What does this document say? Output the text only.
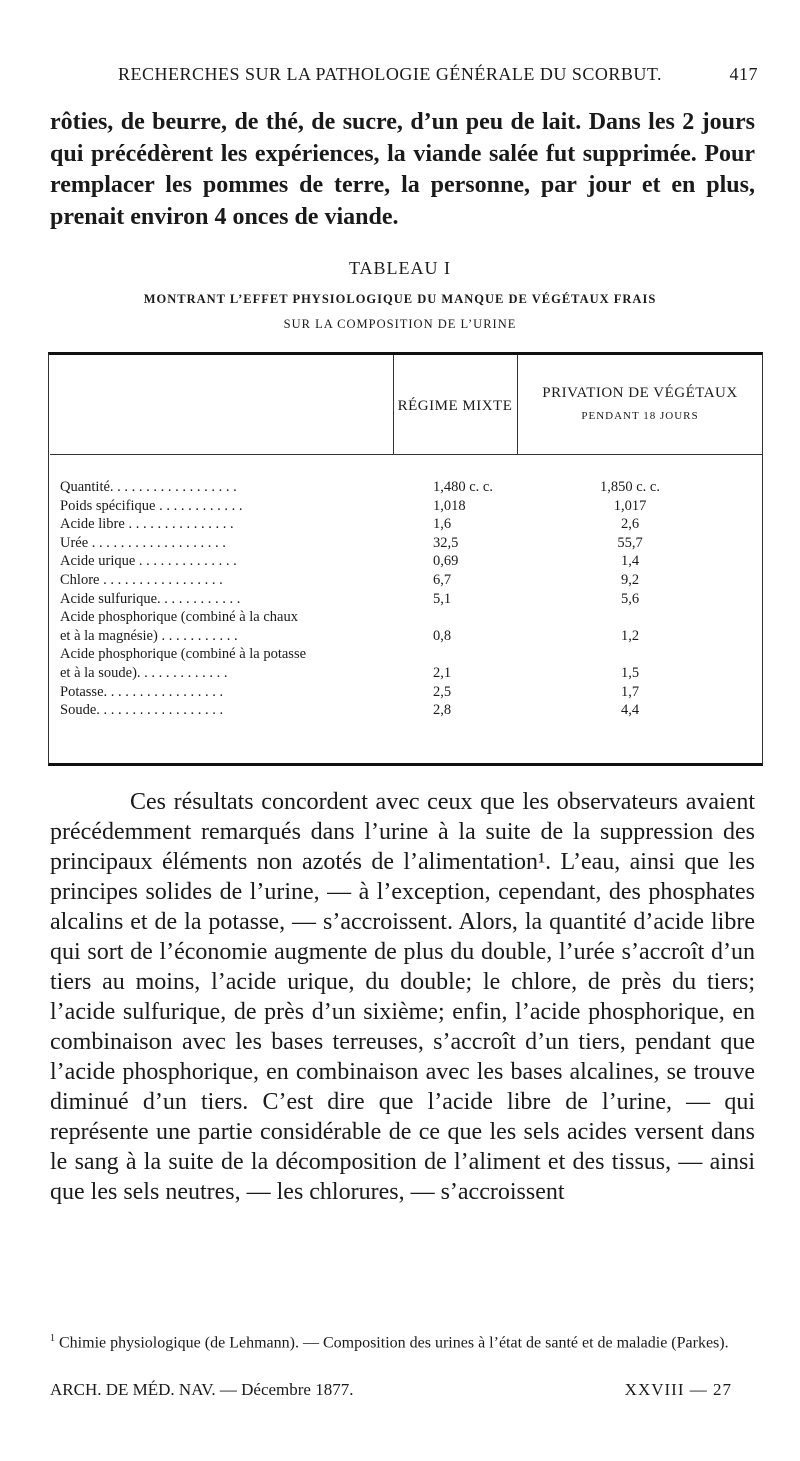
RECHERCHES SUR LA PATHOLOGIE GÉNÉRALE DU SCORBUT.	417
rôties, de beurre, de thé, de sucre, d’un peu de lait. Dans les 2 jours qui précédèrent les expériences, la viande salée fut supprimée. Pour remplacer les pommes de terre, la personne, par jour et en plus, prenait environ 4 onces de viande.
TABLEAU I
MONTRANT L’EFFET PHYSIOLOGIQUE DU MANQUE DE VÉGÉTAUX FRAIS
SUR LA COMPOSITION DE L’URINE
RÉGIME MIXTE
PRIVATION DE VÉGÉTAUX
PENDANT 18 JOURS
Quantité. . . . . . . . . . . . . . . . . .	1,480 c. c.	1,850 c. c.
Poids spécifique . . . . . . . . . . . .	1,018	1,017
Acide libre . . . . . . . . . . . . . . .	1,6	2,6
Urée . . . . . . . . . . . . . . . . . . .	32,5	55,7
Acide urique . . . . . . . . . . . . . .	0,69	1,4
Chlore . . . . . . . . . . . . . . . . .	6,7	9,2
Acide sulfurique. . . . . . . . . . . .	5,1	5,6
Acide phosphorique (combiné à la chaux
et à la magnésie) . . . . . . . . . . .	0,8	1,2
Acide phosphorique (combiné à la potasse
et à la soude). . . . . . . . . . . . .	2,1	1,5
Potasse. . . . . . . . . . . . . . . . .	2,5	1,7
Soude. . . . . . . . . . . . . . . . . .	2,8	4,4
Ces résultats concordent avec ceux que les observateurs avaient précédemment remarqués dans l’urine à la suite de la suppression des principaux éléments non azotés de l’alimentation¹. L’eau, ainsi que les principes solides de l’urine, — à l’exception, cependant, des phosphates alcalins et de la potasse, — s’accroissent. Alors, la quantité d’acide libre qui sort de l’économie augmente de plus du double, l’urée s’accroît d’un tiers au moins, l’acide urique, du double; le chlore, de près du tiers; l’acide sulfurique, de près d’un sixième; enfin, l’acide phosphorique, en combinaison avec les bases terreuses, s’accroît d’un tiers, pendant que l’acide phosphorique, en combinaison avec les bases alcalines, se trouve diminué d’un tiers. C’est dire que l’acide libre de l’urine, — qui représente une partie considérable de ce que les sels acides versent dans le sang à la suite de la décomposition de l’aliment et des tissus, — ainsi que les sels neutres, — les chlorures, — s’accroissent
$^1$ Chimie physiologique (de Lehmann). — Composition des urines à l’état de santé et de maladie (Parkes).
ARCH. DE MÉD. NAV. — Décembre 1877.	XXVIII — 27
